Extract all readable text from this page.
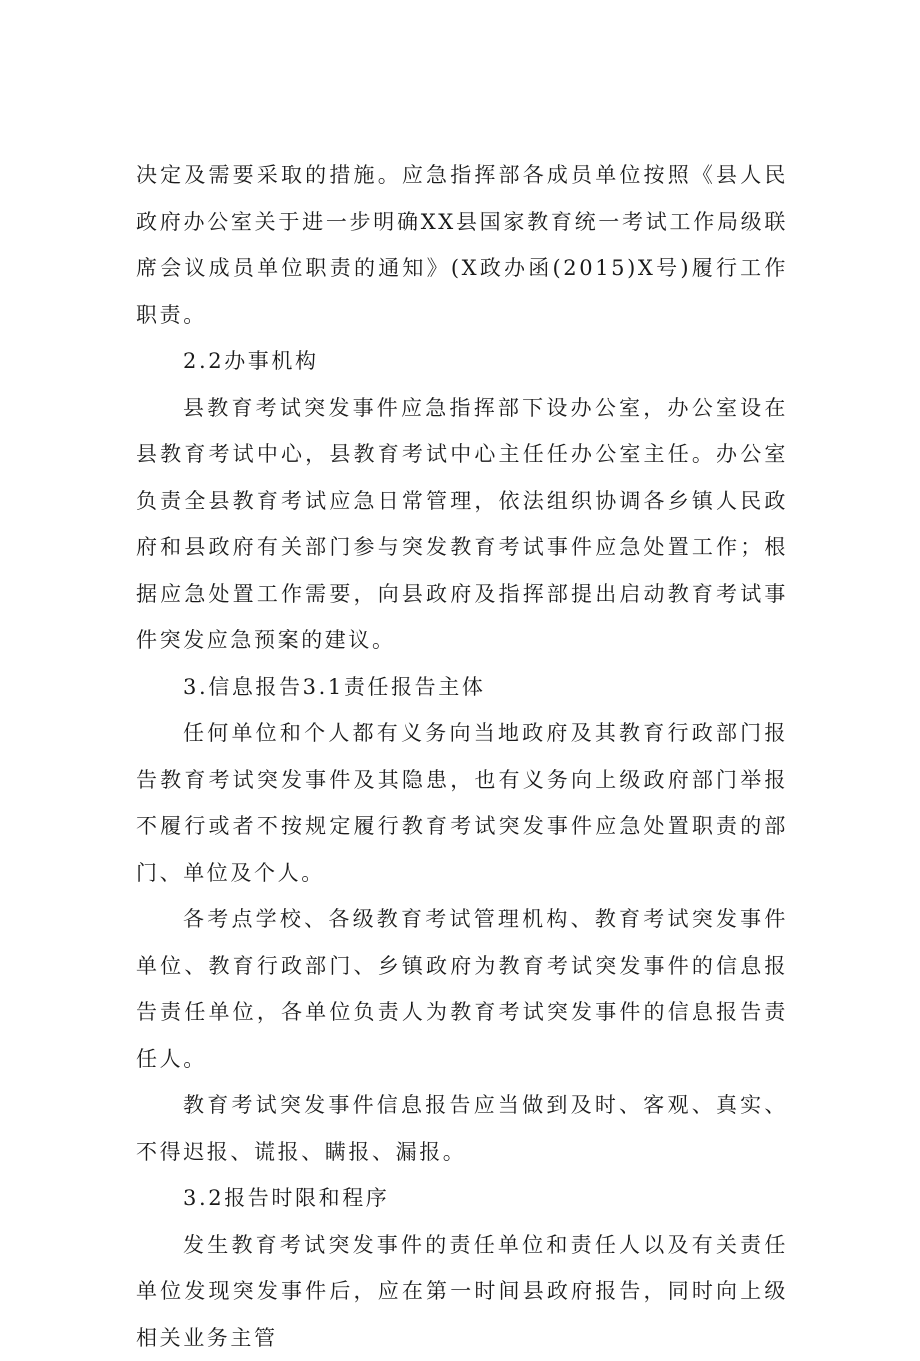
决定及需要采取的措施。应急指挥部各成员单位按照《县人民政府办公室关于进一步明确XX县国家教育统一考试工作局级联席会议成员单位职责的通知》(X政办函(2015)X号)履行工作职责。

2.2办事机构

县教育考试突发事件应急指挥部下设办公室，办公室设在县教育考试中心，县教育考试中心主任任办公室主任。办公室负责全县教育考试应急日常管理，依法组织协调各乡镇人民政府和县政府有关部门参与突发教育考试事件应急处置工作；根据应急处置工作需要，向县政府及指挥部提出启动教育考试事件突发应急预案的建议。

3.信息报告3.1责任报告主体

任何单位和个人都有义务向当地政府及其教育行政部门报告教育考试突发事件及其隐患，也有义务向上级政府部门举报不履行或者不按规定履行教育考试突发事件应急处置职责的部门、单位及个人。

各考点学校、各级教育考试管理机构、教育考试突发事件单位、教育行政部门、乡镇政府为教育考试突发事件的信息报告责任单位，各单位负责人为教育考试突发事件的信息报告责任人。

教育考试突发事件信息报告应当做到及时、客观、真实、不得迟报、谎报、瞒报、漏报。

3.2报告时限和程序

发生教育考试突发事件的责任单位和责任人以及有关责任单位发现突发事件后，应在第一时间县政府报告，同时向上级相关业务主管
